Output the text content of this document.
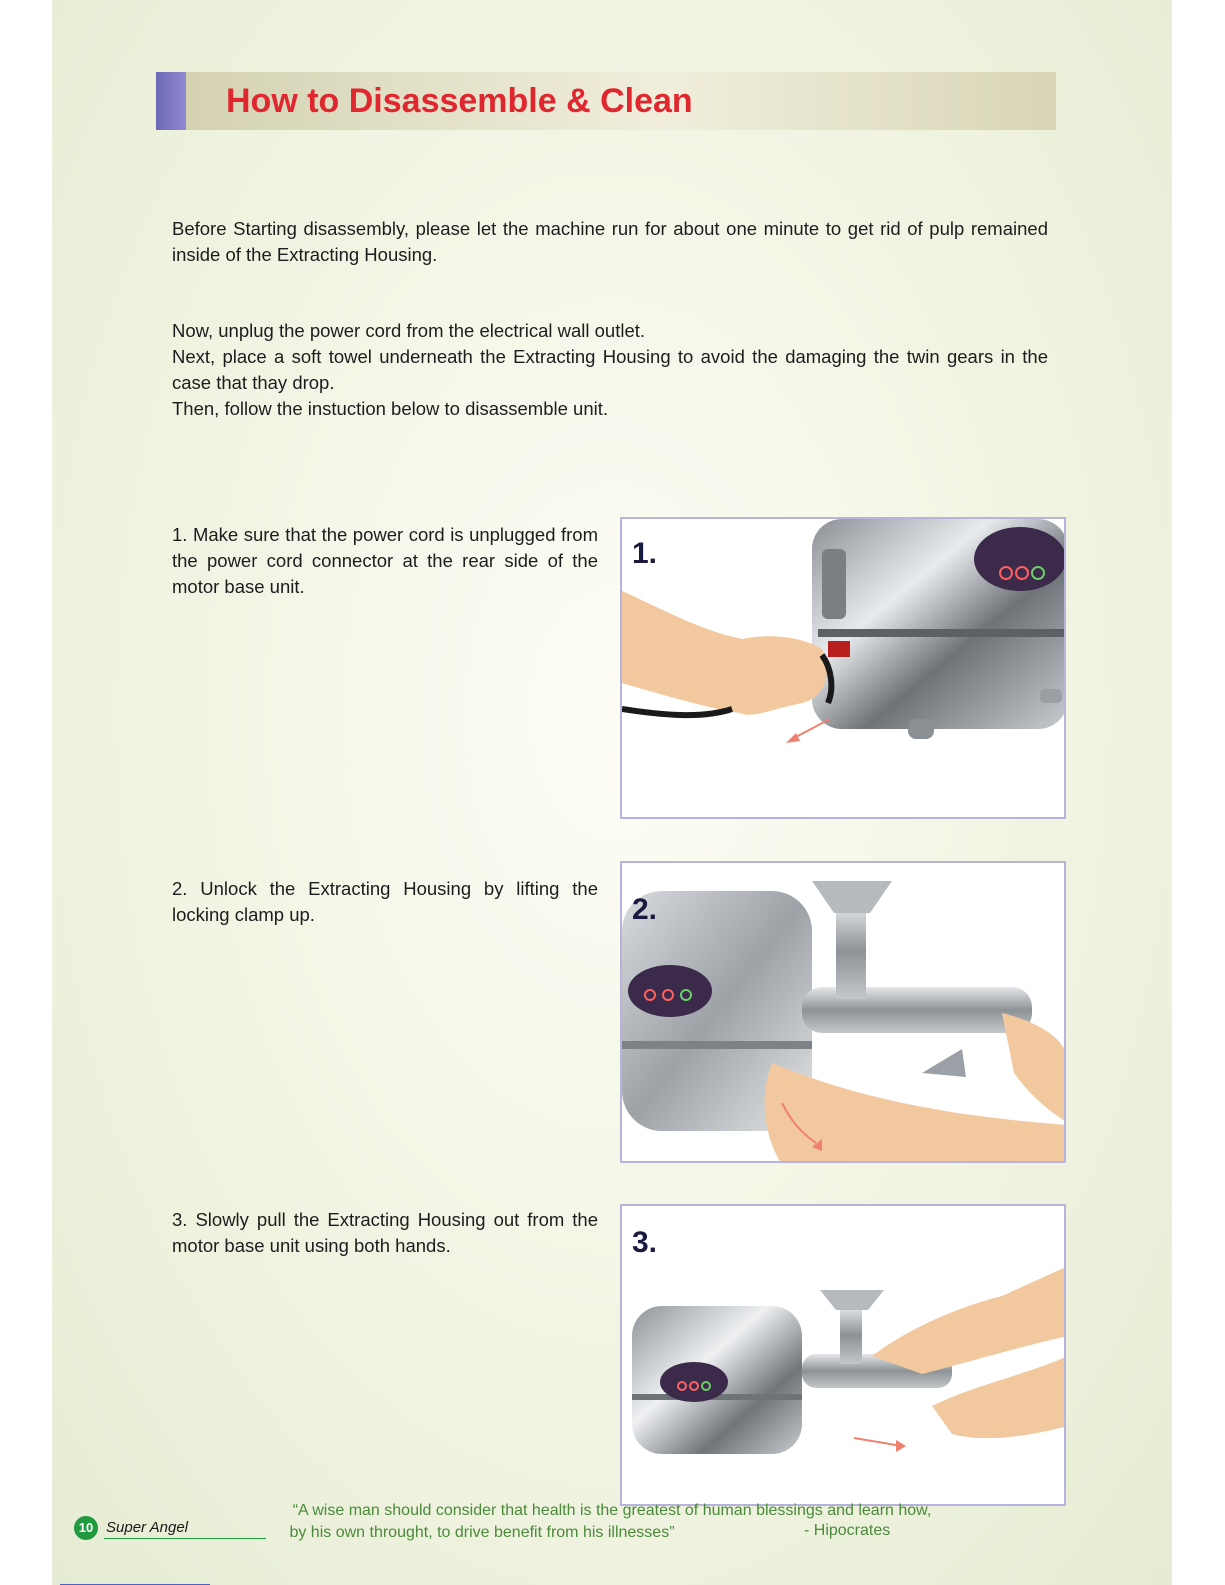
How to Disassemble & Clean

Before Starting disassembly, please let the machine run for about one minute to get rid of pulp remained inside of the Extracting Housing.

Now, unplug the power cord from the electrical wall outlet.

Next, place a soft towel underneath the Extracting Housing to avoid the damaging the twin gears in the case that thay drop.

Then, follow the instuction below to disassemble unit.

1. Make sure that the power cord is unplugged from the power cord connector at the rear side of the motor base unit.
1.
2. Unlock the Extracting Housing by lifting the locking clamp up.	2.
3. Slowly pull the Extracting Housing out from the motor base unit using both hands.	3.
10 Super Angel
“A wise man should consider that health is the greatest of human blessings and learn how,
by his own throught, to drive benefit from his illnesses”	- Hipocrates
